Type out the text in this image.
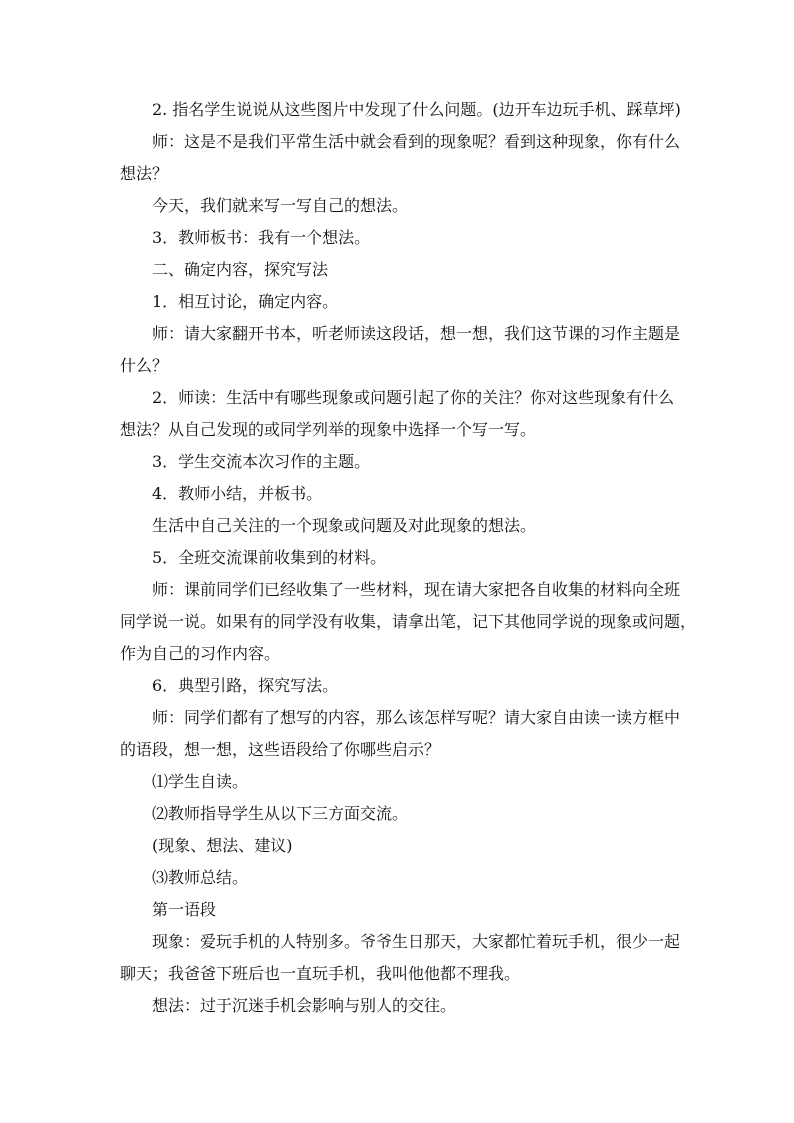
2. 指名学生说说从这些图片中发现了什么问题。(边开车边玩手机、踩草坪)

师：这是不是我们平常生活中就会看到的现象呢？看到这种现象，你有什么

想法？

今天，我们就来写一写自己的想法。

3．教师板书：我有一个想法。

二、确定内容，探究写法

1．相互讨论，确定内容。

师：请大家翻开书本，听老师读这段话，想一想，我们这节课的习作主题是

什么？

2．师读：生活中有哪些现象或问题引起了你的关注？你对这些现象有什么

想法？从自己发现的或同学列举的现象中选择一个写一写。

3．学生交流本次习作的主题。

4．教师小结，并板书。

生活中自己关注的一个现象或问题及对此现象的想法。

5．全班交流课前收集到的材料。

师：课前同学们已经收集了一些材料，现在请大家把各自收集的材料向全班

同学说一说。如果有的同学没有收集，请拿出笔，记下其他同学说的现象或问题，

作为自己的习作内容。

6．典型引路，探究写法。

师：同学们都有了想写的内容，那么该怎样写呢？请大家自由读一读方框中

的语段，想一想，这些语段给了你哪些启示？

⑴学生自读。

⑵教师指导学生从以下三方面交流。

(现象、想法、建议)

⑶教师总结。

第一语段

现象：爱玩手机的人特别多。爷爷生日那天，大家都忙着玩手机，很少一起

聊天；我爸爸下班后也一直玩手机，我叫他他都不理我。

想法：过于沉迷手机会影响与别人的交往。
